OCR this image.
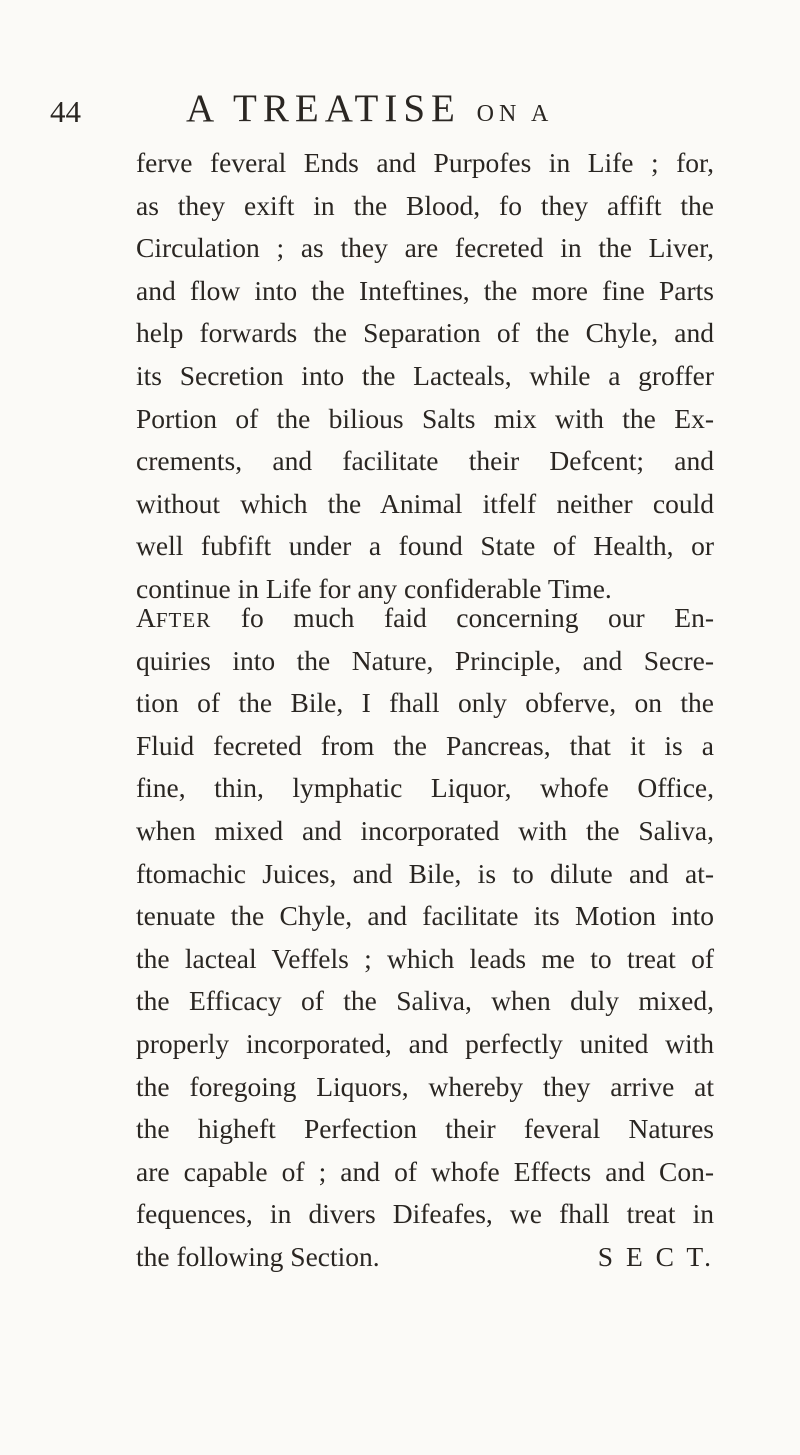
44	A TREATISE ON A
ferve feveral Ends and Purpofes in Life ; for,
as they exift in the Blood, fo they affift the
Circulation ; as they are fecreted in the Liver,
and flow into the Inteftines, the more fine Parts
help forwards the Separation of the Chyle, and
its Secretion into the Lacteals, while a groffer
Portion of the bilious Salts mix with the Ex-
crements, and facilitate their Defcent; and
without which the Animal itfelf neither could
well fubfift under a found State of Health, or
continue in Life for any confiderable Time.
AFTER fo much faid concerning our En-
quiries into the Nature, Principle, and Secre-
tion of the Bile, I fhall only obferve, on the
Fluid fecreted from the Pancreas, that it is a
fine, thin, lymphatic Liquor, whofe Office,
when mixed and incorporated with the Saliva,
ftomachic Juices, and Bile, is to dilute and at-
tenuate the Chyle, and facilitate its Motion into
the lacteal Veffels ; which leads me to treat of
the Efficacy of the Saliva, when duly mixed,
properly incorporated, and perfectly united with
the foregoing Liquors, whereby they arrive at
the higheft Perfection their feveral Natures
are capable of ; and of whofe Effects and Con-
fequences, in divers Difeafes, we fhall treat in
the following Section.	S E C T.
